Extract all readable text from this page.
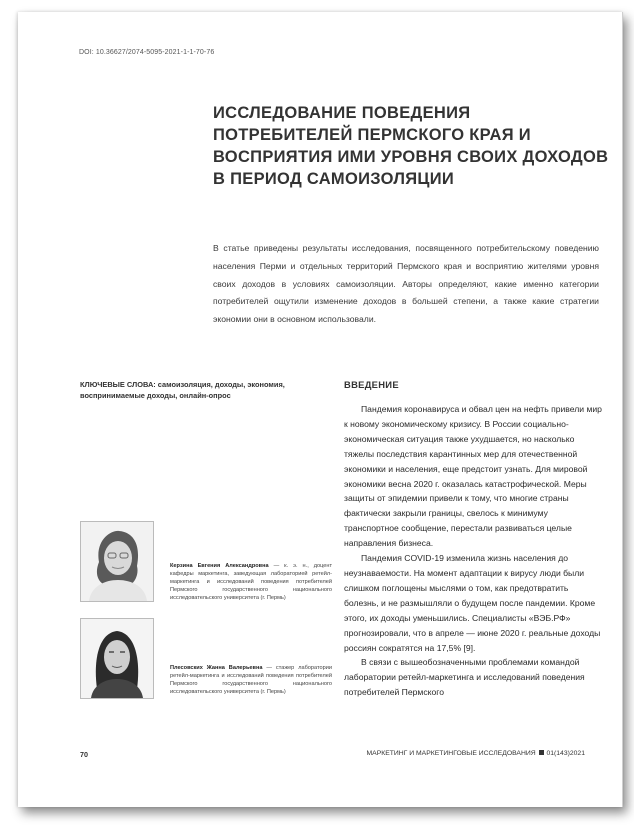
DOI: 10.36627/2074-5095-2021-1-1-70-76
ИССЛЕДОВАНИЕ ПОВЕДЕНИЯ ПОТРЕБИТЕЛЕЙ ПЕРМСКОГО КРАЯ И ВОСПРИЯТИЯ ИМИ УРОВНЯ СВОИХ ДОХОДОВ В ПЕРИОД САМОИЗОЛЯЦИИ
В статье приведены результаты исследования, посвященного потребительскому поведению населения Перми и отдельных территорий Пермского края и восприятию жителями уровня своих доходов в условиях самоизоляции. Авторы определяют, какие именно категории потребителей ощутили изменение доходов в большей степени, а также какие стратегии экономии они в основном использовали.
КЛЮЧЕВЫЕ СЛОВА: самоизоляция, доходы, экономия, воспринимаемые доходы, онлайн-опрос
Керзина Евгения Александровна — к. э. н., доцент кафедры маркетинга, заведующая лабораторией ретейл-маркетинга и исследований поведения потребителей Пермского государственного национального исследовательского университета (г. Пермь)
Плесовских Жанна Валерьевна — стажер лаборатории ретейл-маркетинга и исследований поведения потребителей Пермского государственного национального исследовательского университета (г. Пермь)
ВВЕДЕНИЕ

Пандемия коронавируса и обвал цен на нефть привели мир к новому экономическому кризису. В России социально-экономическая ситуация также ухудшается, но насколько тяжелы последствия карантинных мер для отечественной экономики и населения, еще предстоит узнать. Для мировой экономики весна 2020 г. оказалась катастрофической. Меры защиты от эпидемии привели к тому, что многие страны фактически закрыли границы, свелось к минимуму транспортное сообщение, перестали развиваться целые направления бизнеса.

Пандемия COVID-19 изменила жизнь населения до неузнаваемости. На момент адаптации к вирусу люди были слишком поглощены мыслями о том, как предотвратить болезнь, и не размышляли о будущем после пандемии. Кроме этого, их доходы уменьшились. Специалисты «ВЭБ.РФ» прогнозировали, что в апреле — июне 2020 г. реальные доходы россиян сократятся на 17,5% [9].

В связи с вышеобозначенными проблемами командой лаборатории ретейл-маркетинга и исследований поведения потребителей Пермского

70	МАРКЕТИНГ И МАРКЕТИНГОВЫЕ ИССЛЕДОВАНИЯ 01(143)2021
